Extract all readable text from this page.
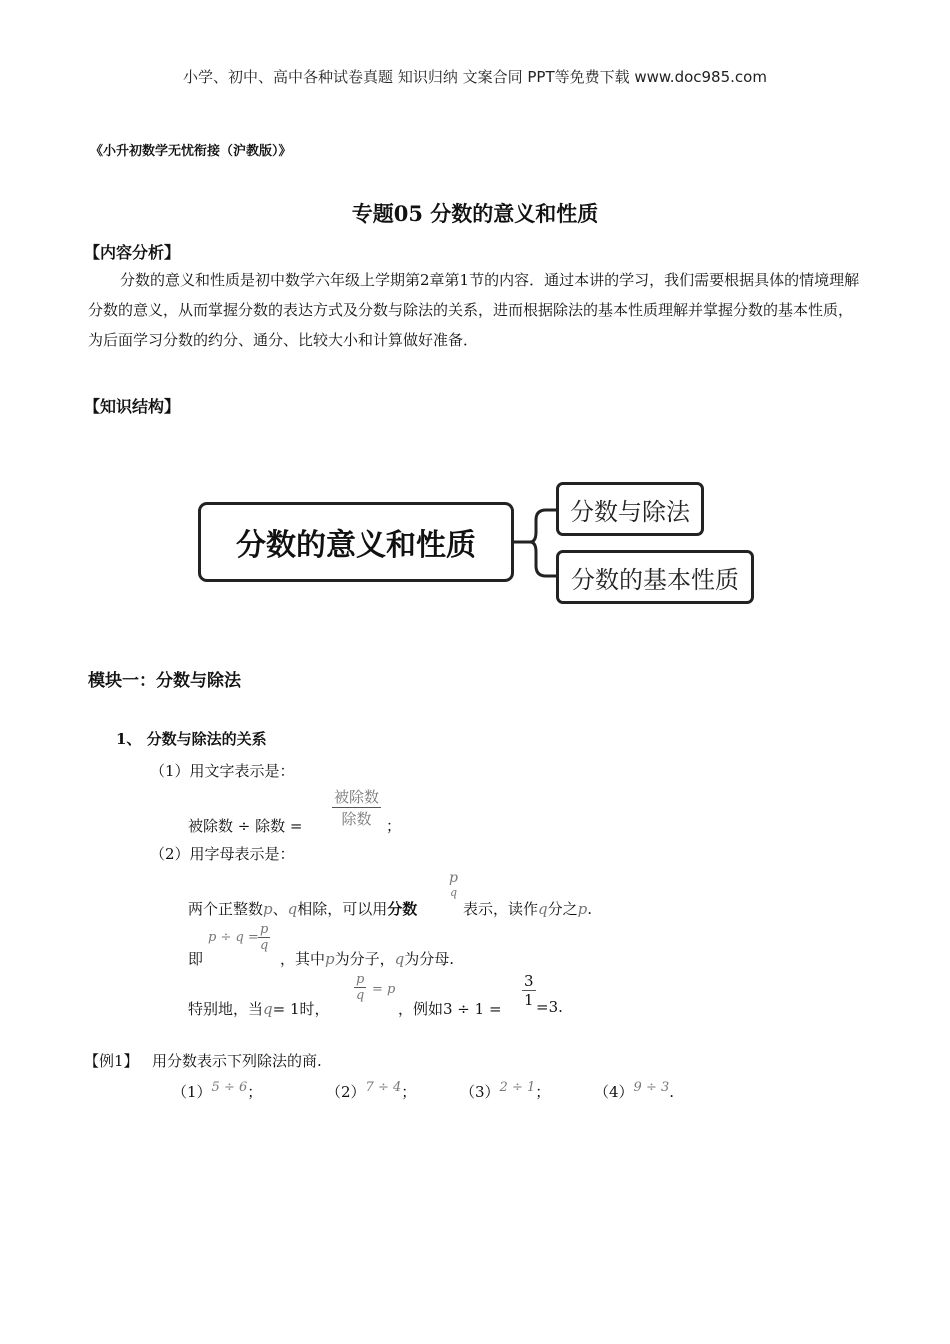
小学、初中、高中各种试卷真题 知识归纳 文案合同 PPT等免费下载 www.doc985.com
《小升初数学无忧衔接（沪教版）》
专题05 分数的意义和性质
【内容分析】
分数的意义和性质是初中数学六年级上学期第2章第1节的内容．通过本讲的学习，我们需要根据具体的情境理解分数的意义，从而掌握分数的表达方式及分数与除法的关系，进而根据除法的基本性质理解并掌握分数的基本性质，为后面学习分数的约分、通分、比较大小和计算做好准备．
【知识结构】
分数的意义和性质
分数与除法
分数的基本性质
模块一：分数与除法
1、 分数与除法的关系
（1）用文字表示是：
被除数 ÷ 除数 =
被除数
除数 ；
（2）用字母表示是：
两个正整数p、q相除，可以用分数
p
q
表示，读作q分之p.
即
$p \div q = \frac{p}{q}$
，其中p为分子，q为分母.
特别地，当q= 1时，
$\frac{p}{q} = p$
，例如$3 \div 1 = \frac{3}{1} =3$.
【例1】 用分数表示下列除法的商.
（1）5 ÷ 6；	（2）7 ÷ 4；	（3）2 ÷ 1；	（4）9 ÷ 3.
